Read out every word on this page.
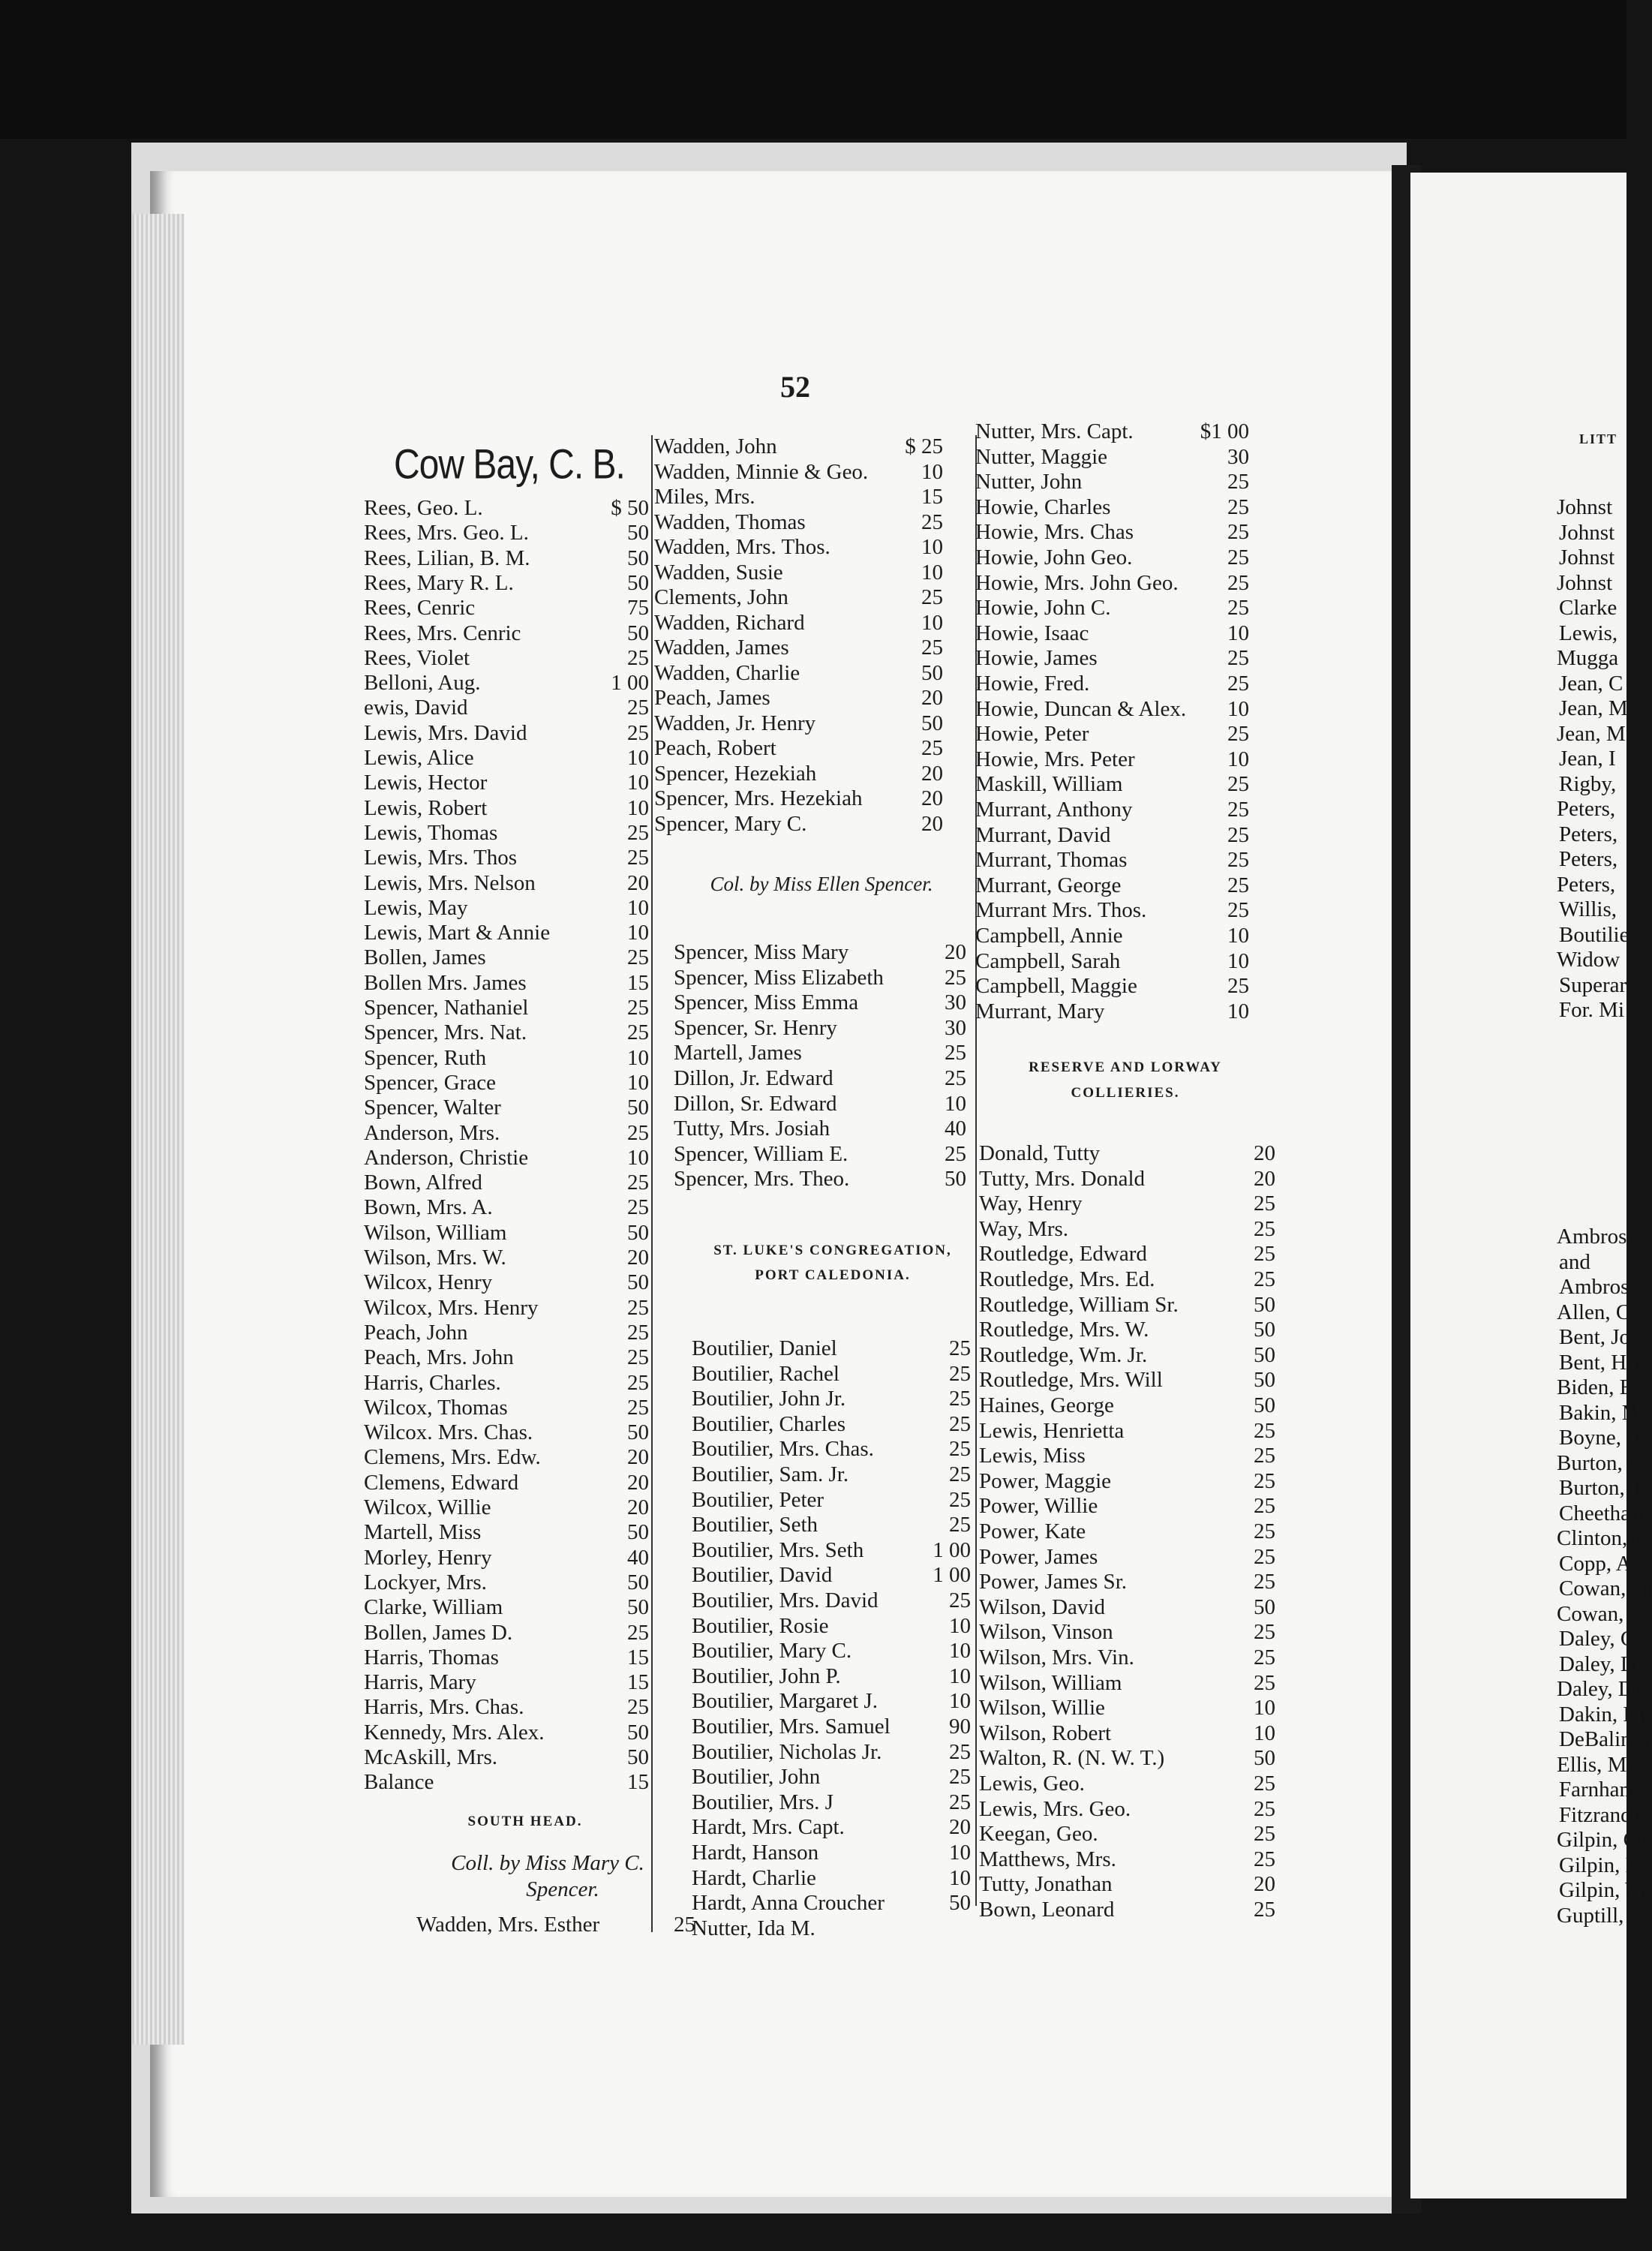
LITT
Johnst
Johnst
Johnst
Johnst
Clarke
Lewis,
Mugga
Jean, C
Jean, M
Jean, M
Jean, I
Rigby,
Peters,
Peters,
Peters,
Peters,
Willis,
Boutilie
Widow
Superar
For. Mi
Ambrose
and
Ambrose
Allen, C
Bent, Jo
Bent, Ha
Biden, E
Bakin, M
Boyne, T
Burton, C
Burton, I
Cheetham
Clinton, C
Copp, A.
Cowan, M
Cowan, J
Daley, C
Daley, Li
Daley, Do
Dakin, M
DeBalinha
Ellis, Mrs
Farnham,
Fitzrando
Gilpin, Cl
Gilpin, B
Gilpin, W
Guptill, F
52
Cow Bay, C. B.
Rees, Geo. L.	$ 50
Rees, Mrs. Geo. L.	50
Rees, Lilian, B. M.	50
Rees, Mary R. L.	50
Rees, Cenric	75
Rees, Mrs. Cenric	50
Rees, Violet	25
Belloni, Aug.	1 00
ewis, David	25
Lewis, Mrs. David	25
Lewis, Alice	10
Lewis, Hector	10
Lewis, Robert	10
Lewis, Thomas	25
Lewis, Mrs. Thos	25
Lewis, Mrs. Nelson	20
Lewis, May	10
Lewis, Mart & Annie	10
Bollen, James	25
Bollen Mrs. James	15
Spencer, Nathaniel	25
Spencer, Mrs. Nat.	25
Spencer, Ruth	10
Spencer, Grace	10
Spencer, Walter	50
Anderson, Mrs.	25
Anderson, Christie	10
Bown, Alfred	25
Bown, Mrs. A.	25
Wilson, William	50
Wilson, Mrs. W.	20
Wilcox, Henry	50
Wilcox, Mrs. Henry	25
Peach, John	25
Peach, Mrs. John	25
Harris, Charles.	25
Wilcox, Thomas	25
Wilcox. Mrs. Chas.	50
Clemens, Mrs. Edw.	20
Clemens, Edward	20
Wilcox, Willie	20
Martell, Miss	50
Morley, Henry	40
Lockyer, Mrs.	50
Clarke, William	50
Bollen, James D.	25
Harris, Thomas	15
Harris, Mary	15
Harris, Mrs. Chas.	25
Kennedy, Mrs. Alex.	50
McAskill, Mrs.	50
Balance	15
Wadden, Mrs. Esther	25
Wadden, John	$ 25
Wadden, Minnie & Geo. 10
Miles, Mrs.	15
Wadden, Thomas	25
Wadden, Mrs. Thos.	10
Wadden, Susie	10
Clements, John	25
Wadden, Richard	10
Wadden, James	25
Wadden, Charlie	50
Peach, James	20
Wadden, Jr. Henry	50
Peach, Robert	25
Spencer, Hezekiah	20
Spencer, Mrs. Hezekiah	20
Spencer, Mary C.	20
Spencer, Miss Mary	20
Spencer, Miss Elizabeth	25
Spencer, Miss Emma	30
Spencer, Sr. Henry	30
Martell, James	25
Dillon, Jr. Edward	25
Dillon, Sr. Edward	10
Tutty, Mrs. Josiah	40
Spencer, William E.	25
Spencer, Mrs. Theo.	50
Boutilier, Daniel	25
Boutilier, Rachel	25
Boutilier, John Jr.	25
Boutilier, Charles	25
Boutilier, Mrs. Chas.	25
Boutilier, Sam. Jr.	25
Boutilier, Peter	25
Boutilier, Seth	25
Boutilier, Mrs. Seth	1 00
Boutilier, David	1 00
Boutilier, Mrs. David	25
Boutilier, Rosie	10
Boutilier, Mary C.	10
Boutilier, John P.	10
Boutilier, Margaret J.	10
Boutilier, Mrs. Samuel	90
Boutilier, Nicholas Jr.	25
Boutilier, John	25
Boutilier, Mrs. J	25
Hardt, Mrs. Capt.	20
Hardt, Hanson	10
Hardt, Charlie	10
Hardt, Anna Croucher	50
Nutter, Ida M.
Nutter, Mrs. Capt.	$1 00
Nutter, Maggie	30
Nutter, John	25
Howie, Charles	25
Howie, Mrs. Chas	25
Howie, John Geo.	25
Howie, Mrs. John Geo. 25
Howie, John C.	25
Howie, Isaac	10
Howie, James	25
Howie, Fred.	25
Howie, Duncan & Alex. 10
Howie, Peter	25
Howie, Mrs. Peter	10
Maskill, William	25
Murrant, Anthony	25
Murrant, David	25
Murrant, Thomas	25
Murrant, George	25
Murrant Mrs. Thos.	25
Campbell, Annie	10
Campbell, Sarah	10
Campbell, Maggie	25
Murrant, Mary	10
Donald, Tutty	20
Tutty, Mrs. Donald	20
Way, Henry	25
Way, Mrs.	25
Routledge, Edward	25
Routledge, Mrs. Ed.	25
Routledge, William Sr.	50
Routledge, Mrs. W.	50
Routledge, Wm. Jr.	50
Routledge, Mrs. Will	50
Haines, George	50
Lewis, Henrietta	25
Lewis, Miss	25
Power, Maggie	25
Power, Willie	25
Power, Kate	25
Power, James	25
Power, James Sr.	25
Wilson, David	50
Wilson, Vinson	25
Wilson, Mrs. Vin.	25
Wilson, William	25
Wilson, Willie	10
Wilson, Robert	10
Walton, R. (N. W. T.)	50
Lewis, Geo.	25
Lewis, Mrs. Geo.	25
Keegan, Geo.	25
Matthews, Mrs.	25
Tutty, Jonathan	20
Bown, Leonard	25
SOUTH HEAD.
Coll. by Miss Mary C.
Spencer.
Col. by Miss Ellen Spencer.
ST. LUKE'S CONGREGATION,
PORT CALEDONIA.
RESERVE AND LORWAY
COLLIERIES.
